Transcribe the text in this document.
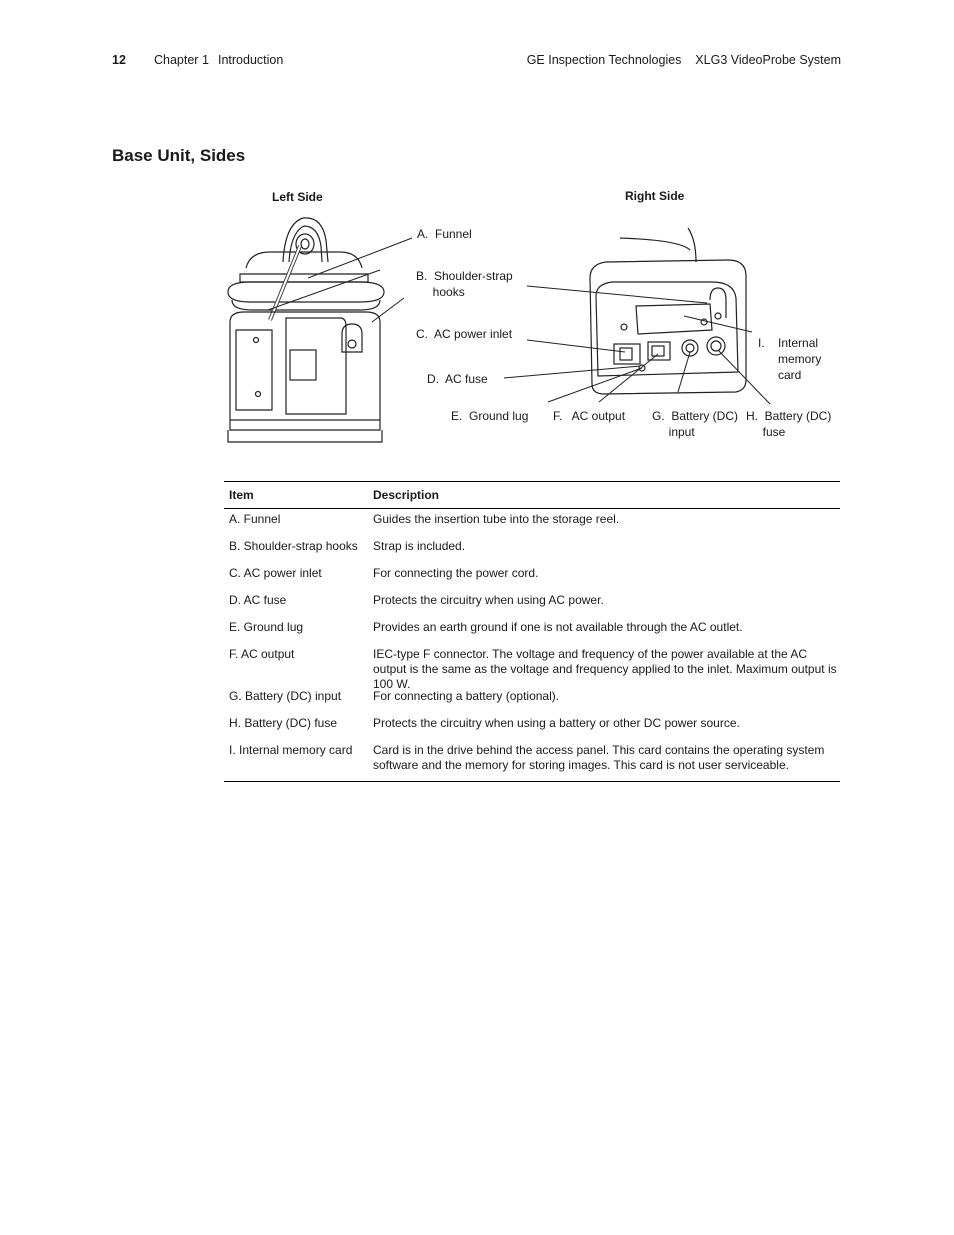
12 Chapter 1 Introduction	GE Inspection Technologies    XLG3 VideoProbe System
Base Unit, Sides
Left Side	Right Side
A.  Funnel
B.  Shoulder-strap
hooks
C.  AC power inlet
D.  AC fuse
E.  Ground lug F.   AC output G.  Battery (DC)
input
H.  Battery (DC)
fuse
I.    Internal
memory
card
Item	Description
A. Funnel	Guides the insertion tube into the storage reel.
B. Shoulder-strap hooks	Strap is included.
C. AC power inlet	For connecting the power cord.
D. AC fuse	Protects the circuitry when using AC power.
E. Ground lug	Provides an earth ground if one is not available through the AC outlet.
F. AC output	IEC-type F connector. The voltage and frequency of the power available at the AC output is the same as the voltage and frequency applied to the inlet. Maximum output is 100 W.
G. Battery (DC) input	For connecting a battery (optional).
H. Battery (DC) fuse	Protects the circuitry when using a battery or other DC power source.
I. Internal memory card	Card is in the drive behind the access panel. This card contains the operating system software and the memory for storing images. This card is not user serviceable.
